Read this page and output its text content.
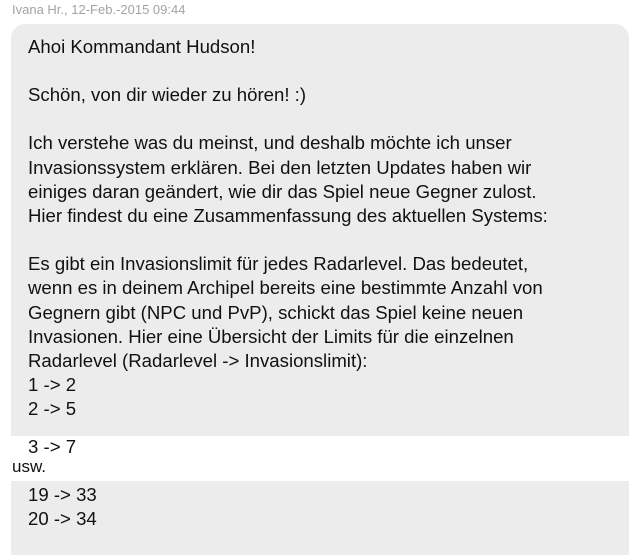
Ivana Hr., 12-Feb.-2015 09:44

Ahoi Kommandant Hudson!

Schön, von dir wieder zu hören! :)

Ich verstehe was du meinst, und deshalb möchte ich unser

Invasionssystem erklären. Bei den letzten Updates haben wir

einiges daran geändert, wie dir das Spiel neue Gegner zulost.

Hier findest du eine Zusammenfassung des aktuellen Systems:

Es gibt ein Invasionslimit für jedes Radarlevel. Das bedeutet,

wenn es in deinem Archipel bereits eine bestimmte Anzahl von

Gegnern gibt (NPC und PvP), schickt das Spiel keine neuen

Invasionen. Hier eine Übersicht der Limits für die einzelnen

Radarlevel (Radarlevel -> Invasionslimit):

1 -> 2

2 -> 5

3 -> 7
usw.

19 -> 33

20 -> 34
